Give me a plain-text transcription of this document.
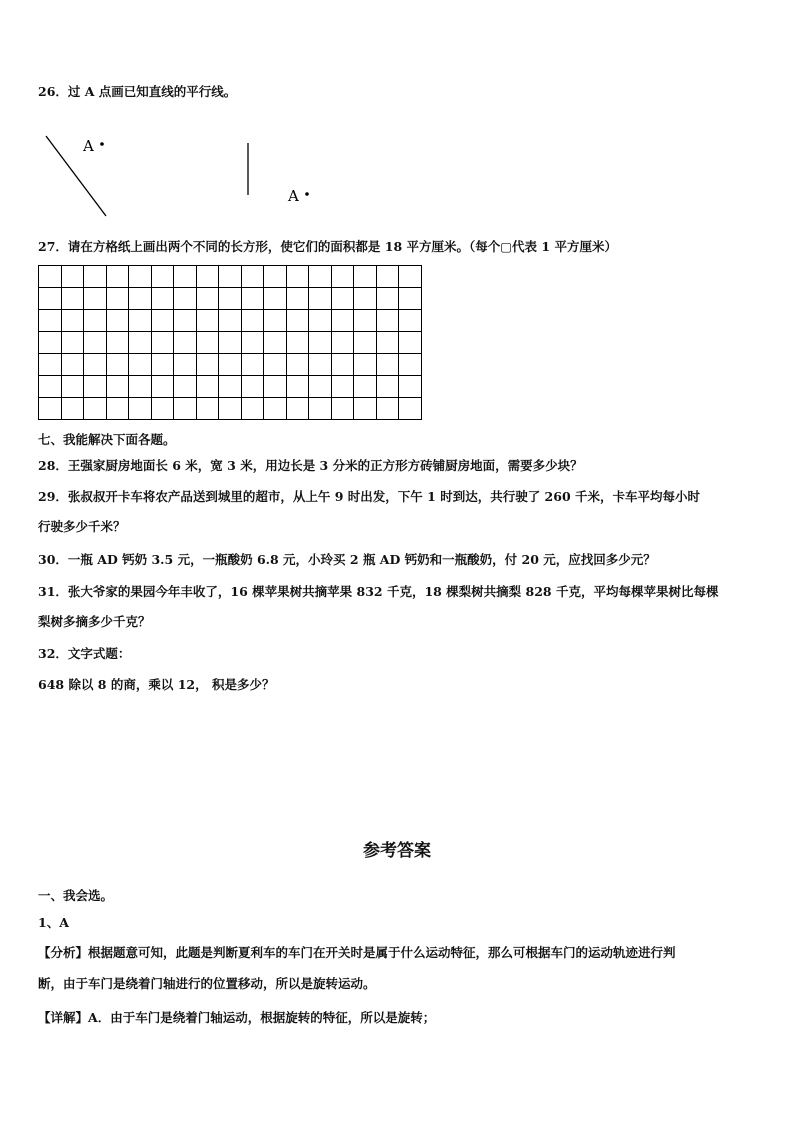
26．过 A 点画已知直线的平行线。
A
A
27．请在方格纸上画出两个不同的长方形，使它们的面积都是 18 平方厘米。（每个▢代表 1 平方厘米）

七、我能解决下面各题。
28．王强家厨房地面长 6 米，宽 3 米，用边长是 3 分米的正方形方砖铺厨房地面，需要多少块？
29．张叔叔开卡车将农产品送到城里的超市，从上午 9 时出发，下午 1 时到达，共行驶了 260 千米，卡车平均每小时
行驶多少千米？
30．一瓶 AD 钙奶 3.5 元，一瓶酸奶 6.8 元，小玲买 2 瓶 AD 钙奶和一瓶酸奶，付 20 元，应找回多少元？
31．张大爷家的果园今年丰收了，16 棵苹果树共摘苹果 832 千克，18 棵梨树共摘梨 828 千克，平均每棵苹果树比每棵
梨树多摘多少千克？
32．文字式题：
648 除以 8 的商，乘以 12， 积是多少？
参考答案
一、我会选。
1、A
【分析】根据题意可知，此题是判断夏利车的车门在开关时是属于什么运动特征，那么可根据车门的运动轨迹进行判
断，由于车门是绕着门轴进行的位置移动，所以是旋转运动。
【详解】A．由于车门是绕着门轴运动，根据旋转的特征，所以是旋转；
